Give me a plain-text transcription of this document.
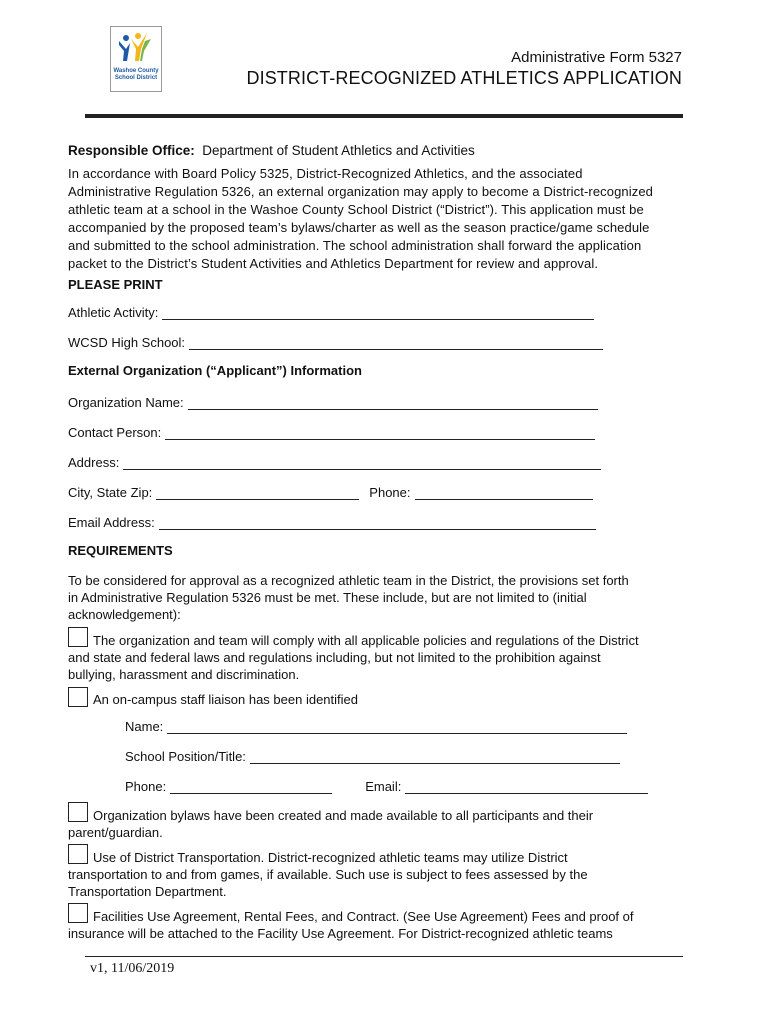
Washoe County
School District
Administrative Form 5327
DISTRICT-RECOGNIZED ATHLETICS APPLICATION
Responsible Office: Department of Student Athletics and Activities
In accordance with Board Policy 5325, District-Recognized Athletics, and the associated
Administrative Regulation 5326, an external organization may apply to become a District-recognized
athletic team at a school in the Washoe County School District (“District”). This application must be
accompanied by the proposed team’s bylaws/charter as well as the season practice/game schedule
and submitted to the school administration. The school administration shall forward the application
packet to the District’s Student Activities and Athletics Department for review and approval.
PLEASE PRINT
Athletic Activity:
WCSD High School:
External Organization (“Applicant”) Information
Organization Name:
Contact Person:
Address:
City, State Zip:	Phone:
Email Address:
REQUIREMENTS
To be considered for approval as a recognized athletic team in the District, the provisions set forth
in Administrative Regulation 5326 must be met. These include, but are not limited to (initial
acknowledgement):
The organization and team will comply with all applicable policies and regulations of the District
and state and federal laws and regulations including, but not limited to the prohibition against
bullying, harassment and discrimination.
An on-campus staff liaison has been identified
Name:
School Position/Title:
Phone:	Email:
Organization bylaws have been created and made available to all participants and their
parent/guardian.
Use of District Transportation. District-recognized athletic teams may utilize District
transportation to and from games, if available. Such use is subject to fees assessed by the
Transportation Department.
Facilities Use Agreement, Rental Fees, and Contract. (See Use Agreement) Fees and proof of
insurance will be attached to the Facility Use Agreement. For District-recognized athletic teams
v1, 11/06/2019
